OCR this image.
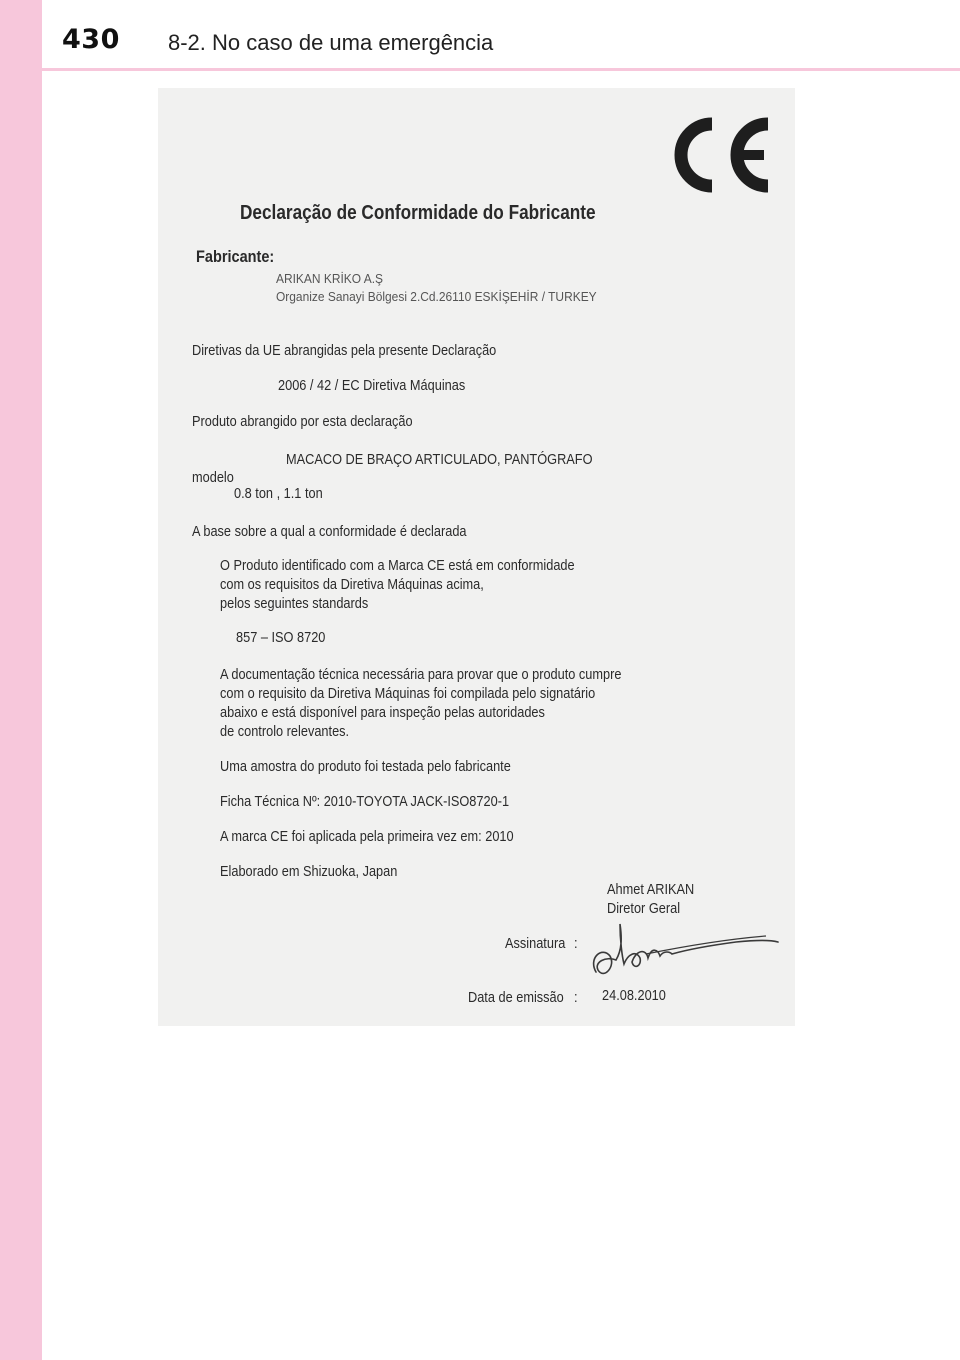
430 8-2. No caso de uma emergência
Declaração de Conformidade do Fabricante
Fabricante:
ARIKAN KRİKO A.Ş
Organize Sanayi Bölgesi 2.Cd.26110 ESKİŞEHİR / TURKEY
Diretivas da UE abrangidas pela presente Declaração
2006 / 42 / EC Diretiva Máquinas
Produto abrangido por esta declaração
MACACO DE BRAÇO ARTICULADO, PANTÓGRAFO
modelo
0.8 ton , 1.1 ton
A base sobre a qual a conformidade é declarada
O Produto identificado com a Marca CE está em conformidade
com os requisitos da Diretiva Máquinas acima,
pelos seguintes standards
857 – ISO 8720
A documentação técnica necessária para provar que o produto cumpre
com o requisito da Diretiva Máquinas foi compilada pelo signatário
abaixo e está disponível para inspeção pelas autoridades
de controlo relevantes.
Uma amostra do produto foi testada pelo fabricante
Ficha Técnica Nº: 2010-TOYOTA JACK-ISO8720-1
A marca CE foi aplicada pela primeira vez em: 2010
Elaborado em Shizuoka, Japan
Ahmet ARIKAN
Diretor Geral
Assinatura :
Data de emissão : 24.08.2010
